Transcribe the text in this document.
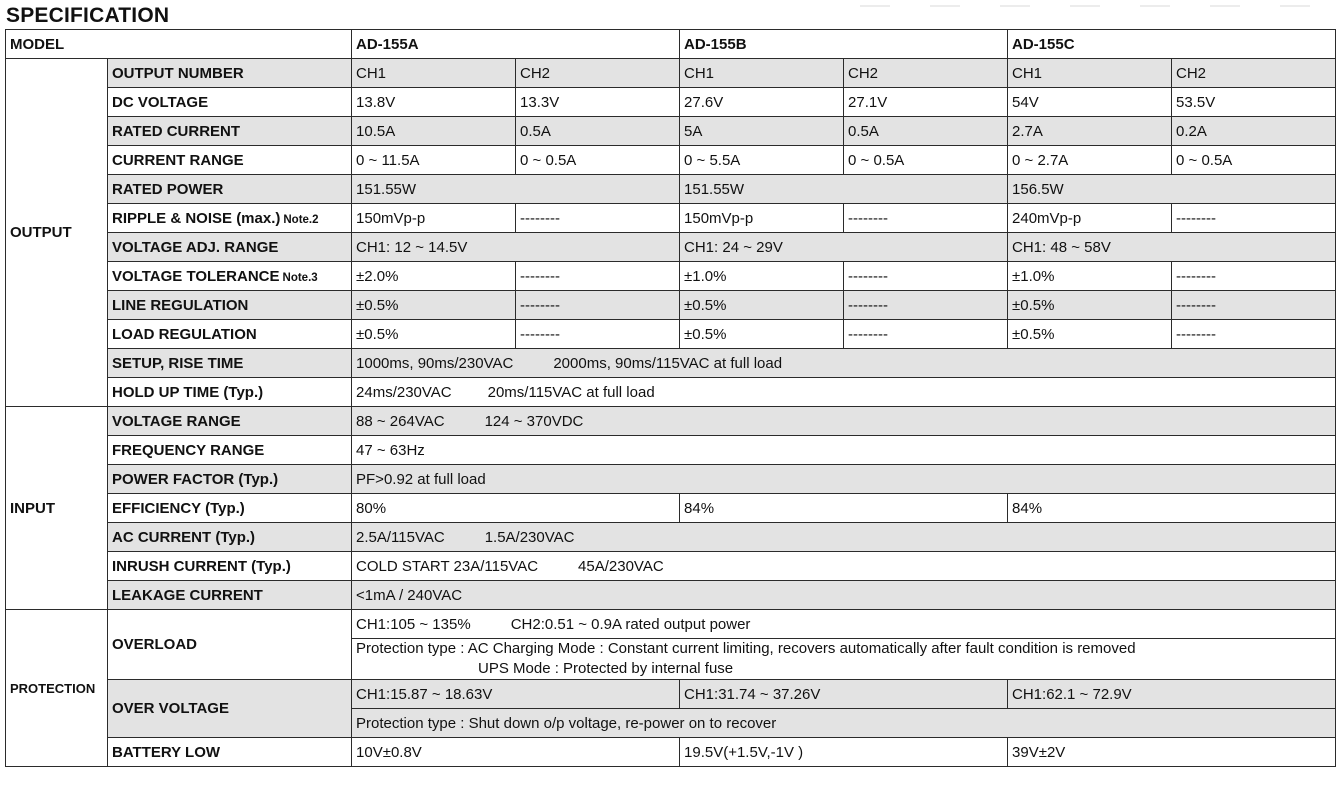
SPECIFICATION
MODEL		AD-155A		AD-155B		AD-155C	
OUTPUT	OUTPUT NUMBER	CH1	CH2	CH1	CH2	CH1	CH2
	DC VOLTAGE	13.8V	13.3V	27.6V	27.1V	54V	53.5V
	RATED CURRENT	10.5A	0.5A	5A	0.5A	2.7A	0.2A
	CURRENT RANGE	0 ~ 11.5A	0 ~ 0.5A	0 ~ 5.5A	0 ~ 0.5A	0 ~ 2.7A	0 ~ 0.5A
	RATED POWER	151.55W		151.55W		156.5W	
	RIPPLE & NOISE (max.) Note.2	150mVp-p	--------	150mVp-p	--------	240mVp-p	--------
	VOLTAGE ADJ. RANGE	CH1: 12 ~ 14.5V		CH1: 24 ~ 29V		CH1: 48 ~ 58V	
	VOLTAGE TOLERANCE Note.3	±2.0%	--------	±1.0%	--------	±1.0%	--------
	LINE REGULATION	±0.5%	--------	±0.5%	--------	±0.5%	--------
	LOAD REGULATION	±0.5%	--------	±0.5%	--------	±0.5%	--------
	SETUP, RISE TIME	1000ms, 90ms/230VAC 2000ms, 90ms/115VAC at full load					
	HOLD UP TIME (Typ.)	24ms/230VAC 20ms/115VAC at full load					
INPUT	VOLTAGE RANGE	88 ~ 264VAC 124 ~ 370VDC					
	FREQUENCY RANGE	47 ~ 63Hz					
	POWER FACTOR (Typ.)	PF>0.92 at full load					
	EFFICIENCY (Typ.)	80%		84%		84%	
	AC CURRENT (Typ.)	2.5A/115VAC 1.5A/230VAC					
	INRUSH CURRENT (Typ.)	COLD START 23A/115VAC 45A/230VAC					
	LEAKAGE CURRENT	<1mA / 240VAC					
PROTECTION	OVERLOAD	CH1:105 ~ 135% CH2:0.51 ~ 0.9A rated output power					

		Protection type : AC Charging Mode : Constant current limiting, recovers automatically after fault condition is removed
UPS Mode : Protected by internal fuse					

	OVER VOLTAGE	CH1:15.87 ~ 18.63V		CH1:31.74 ~ 37.26V		CH1:62.1 ~ 72.9V	
		Protection type : Shut down o/p voltage, re-power on to recover					
	BATTERY LOW	10V±0.8V		19.5V(+1.5V,-1V )		39V±2V	
